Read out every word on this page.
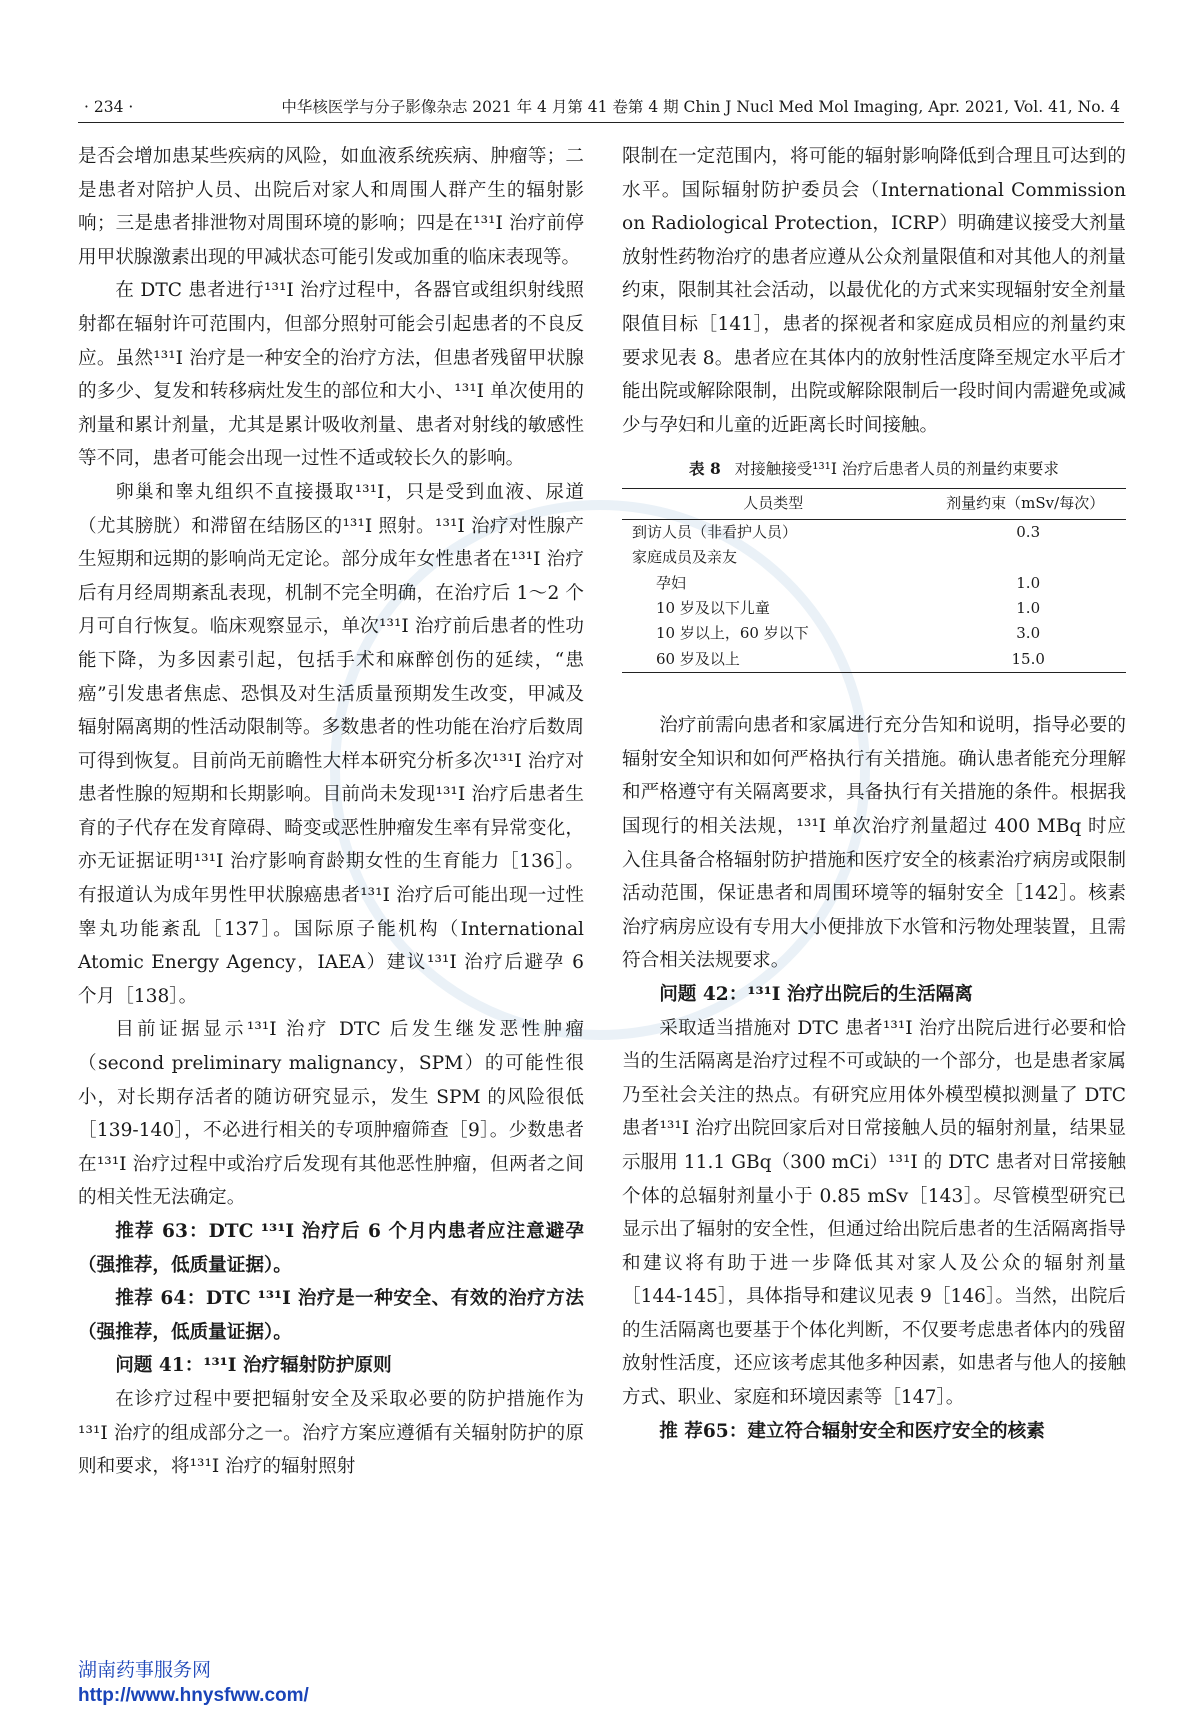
· 234 ·	中华核医学与分子影像杂志 2021 年 4 月第 41 卷第 4 期 Chin J Nucl Med Mol Imaging, Apr. 2021, Vol. 41, No. 4

是否会增加患某些疾病的风险，如血液系统疾病、肿瘤等；二是患者对陪护人员、出院后对家人和周围人群产生的辐射影响；三是患者排泄物对周围环境的影响；四是在¹³¹I 治疗前停用甲状腺激素出现的甲减状态可能引发或加重的临床表现等。

在 DTC 患者进行¹³¹I 治疗过程中，各器官或组织射线照射都在辐射许可范围内，但部分照射可能会引起患者的不良反应。虽然¹³¹I 治疗是一种安全的治疗方法，但患者残留甲状腺的多少、复发和转移病灶发生的部位和大小、¹³¹I 单次使用的剂量和累计剂量，尤其是累计吸收剂量、患者对射线的敏感性等不同，患者可能会出现一过性不适或较长久的影响。

卵巢和睾丸组织不直接摄取¹³¹I，只是受到血液、尿道（尤其膀胱）和滞留在结肠区的¹³¹I 照射。¹³¹I 治疗对性腺产生短期和远期的影响尚无定论。部分成年女性患者在¹³¹I 治疗后有月经周期紊乱表现，机制不完全明确，在治疗后 1～2 个月可自行恢复。临床观察显示，单次¹³¹I 治疗前后患者的性功能下降，为多因素引起，包括手术和麻醉创伤的延续，“患癌”引发患者焦虑、恐惧及对生活质量预期发生改变，甲减及辐射隔离期的性活动限制等。多数患者的性功能在治疗后数周可得到恢复。目前尚无前瞻性大样本研究分析多次¹³¹I 治疗对患者性腺的短期和长期影响。目前尚未发现¹³¹I 治疗后患者生育的子代存在发育障碍、畸变或恶性肿瘤发生率有异常变化，亦无证据证明¹³¹I 治疗影响育龄期女性的生育能力［136］。有报道认为成年男性甲状腺癌患者¹³¹I 治疗后可能出现一过性睾丸功能紊乱［137］。国际原子能机构（International Atomic Energy Agency，IAEA）建议¹³¹I 治疗后避孕 6 个月［138］。

目前证据显示¹³¹I 治疗 DTC 后发生继发恶性肿瘤（second preliminary malignancy，SPM）的可能性很小，对长期存活者的随访研究显示，发生 SPM 的风险很低［139-140］，不必进行相关的专项肿瘤筛查［9］。少数患者在¹³¹I 治疗过程中或治疗后发现有其他恶性肿瘤，但两者之间的相关性无法确定。

推荐 63：DTC ¹³¹I 治疗后 6 个月内患者应注意避孕（强推荐，低质量证据）。

推荐 64：DTC ¹³¹I 治疗是一种安全、有效的治疗方法（强推荐，低质量证据）。

问题 41：¹³¹I 治疗辐射防护原则

在诊疗过程中要把辐射安全及采取必要的防护措施作为¹³¹I 治疗的组成部分之一。治疗方案应遵循有关辐射防护的原则和要求，将¹³¹I 治疗的辐射照射

限制在一定范围内，将可能的辐射影响降低到合理且可达到的水平。国际辐射防护委员会（International Commission on Radiological Protection，ICRP）明确建议接受大剂量放射性药物治疗的患者应遵从公众剂量限值和对其他人的剂量约束，限制其社会活动，以最优化的方式来实现辐射安全剂量限值目标［141］，患者的探视者和家庭成员相应的剂量约束要求见表 8。患者应在其体内的放射性活度降至规定水平后才能出院或解除限制，出院或解除限制后一段时间内需避免或减少与孕妇和儿童的近距离长时间接触。

表 8 对接触接受¹³¹I 治疗后患者人员的剂量约束要求
人员类型	剂量约束（mSv/每次）
到访人员（非看护人员）	0.3
家庭成员及亲友	
孕妇	1.0
10 岁及以下儿童	1.0
10 岁以上，60 岁以下	3.0
60 岁及以上	15.0

治疗前需向患者和家属进行充分告知和说明，指导必要的辐射安全知识和如何严格执行有关措施。确认患者能充分理解和严格遵守有关隔离要求，具备执行有关措施的条件。根据我国现行的相关法规，¹³¹I 单次治疗剂量超过 400 MBq 时应入住具备合格辐射防护措施和医疗安全的核素治疗病房或限制活动范围，保证患者和周围环境等的辐射安全［142］。核素治疗病房应设有专用大小便排放下水管和污物处理装置，且需符合相关法规要求。

问题 42：¹³¹I 治疗出院后的生活隔离

采取适当措施对 DTC 患者¹³¹I 治疗出院后进行必要和恰当的生活隔离是治疗过程不可或缺的一个部分，也是患者家属乃至社会关注的热点。有研究应用体外模型模拟测量了 DTC 患者¹³¹I 治疗出院回家后对日常接触人员的辐射剂量，结果显示服用 11.1 GBq（300 mCi）¹³¹I 的 DTC 患者对日常接触个体的总辐射剂量小于 0.85 mSv［143］。尽管模型研究已显示出了辐射的安全性，但通过给出院后患者的生活隔离指导和建议将有助于进一步降低其对家人及公众的辐射剂量［144-145］，具体指导和建议见表 9［146］。当然，出院后的生活隔离也要基于个体化判断，不仅要考虑患者体内的残留放射性活度，还应该考虑其他多种因素，如患者与他人的接触方式、职业、家庭和环境因素等［147］。

推 荐65：建立符合辐射安全和医疗安全的核素

湖南药事服务网
http://www.hnysfww.com/
